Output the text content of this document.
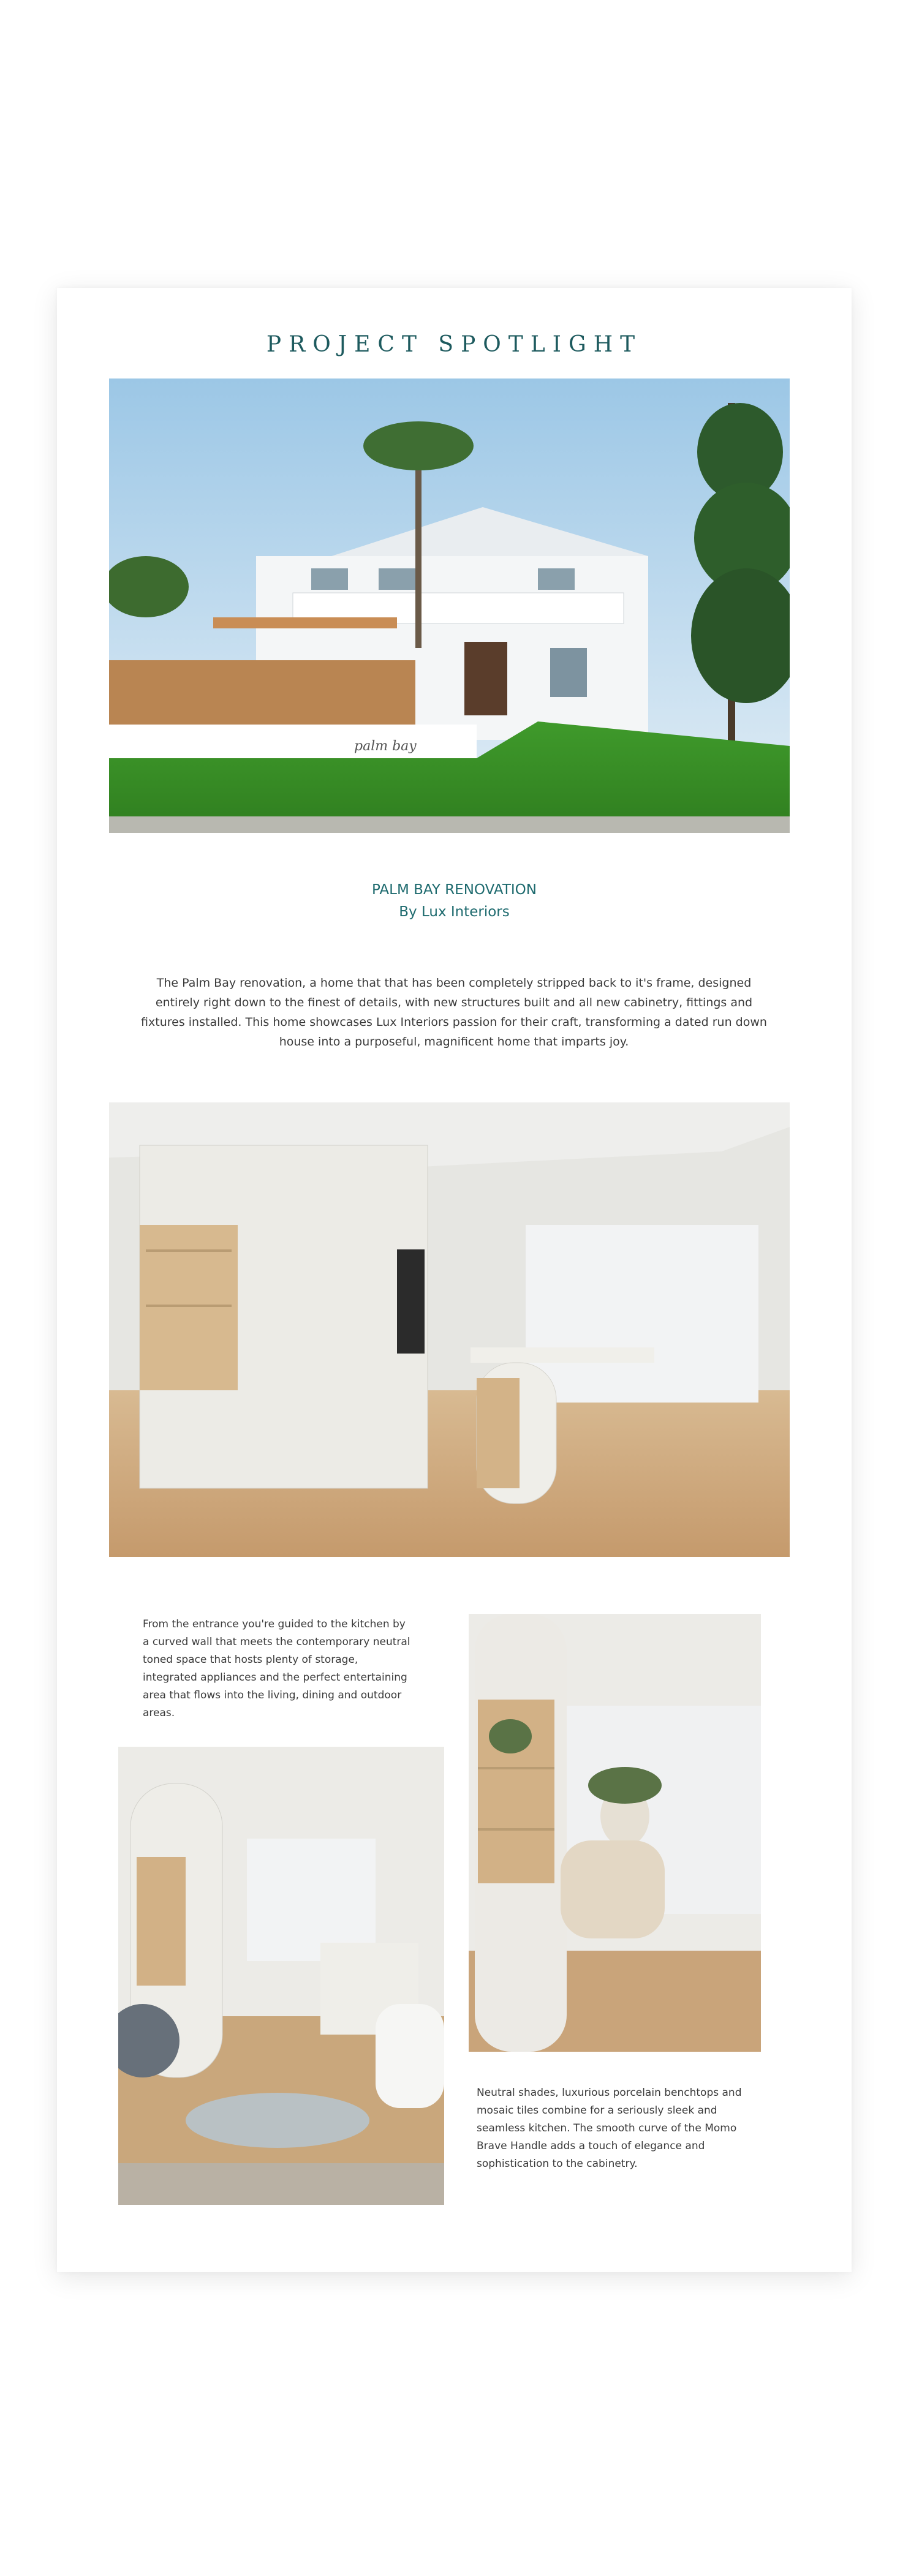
PROJECT SPOTLIGHT
palm bay
PALM BAY RENOVATION
By Lux Interiors

The Palm Bay renovation, a home that that has been completely stripped back to it's frame, designed entirely right down to the finest of details, with new structures built and all new cabinetry, fittings and fixtures installed. This home showcases Lux Interiors passion for their craft, transforming a dated run down house into a purposeful, magnificent home that imparts joy.

From the entrance you're guided to the kitchen by a curved wall that meets the contemporary neutral toned space that hosts plenty of storage, integrated appliances and the perfect entertaining area that flows into the living, dining and outdoor areas.

Neutral shades, luxurious porcelain benchtops and mosaic tiles combine for a seriously sleek and seamless kitchen. The smooth curve of the Momo Brave Handle adds a touch of elegance and sophistication to the cabinetry.
